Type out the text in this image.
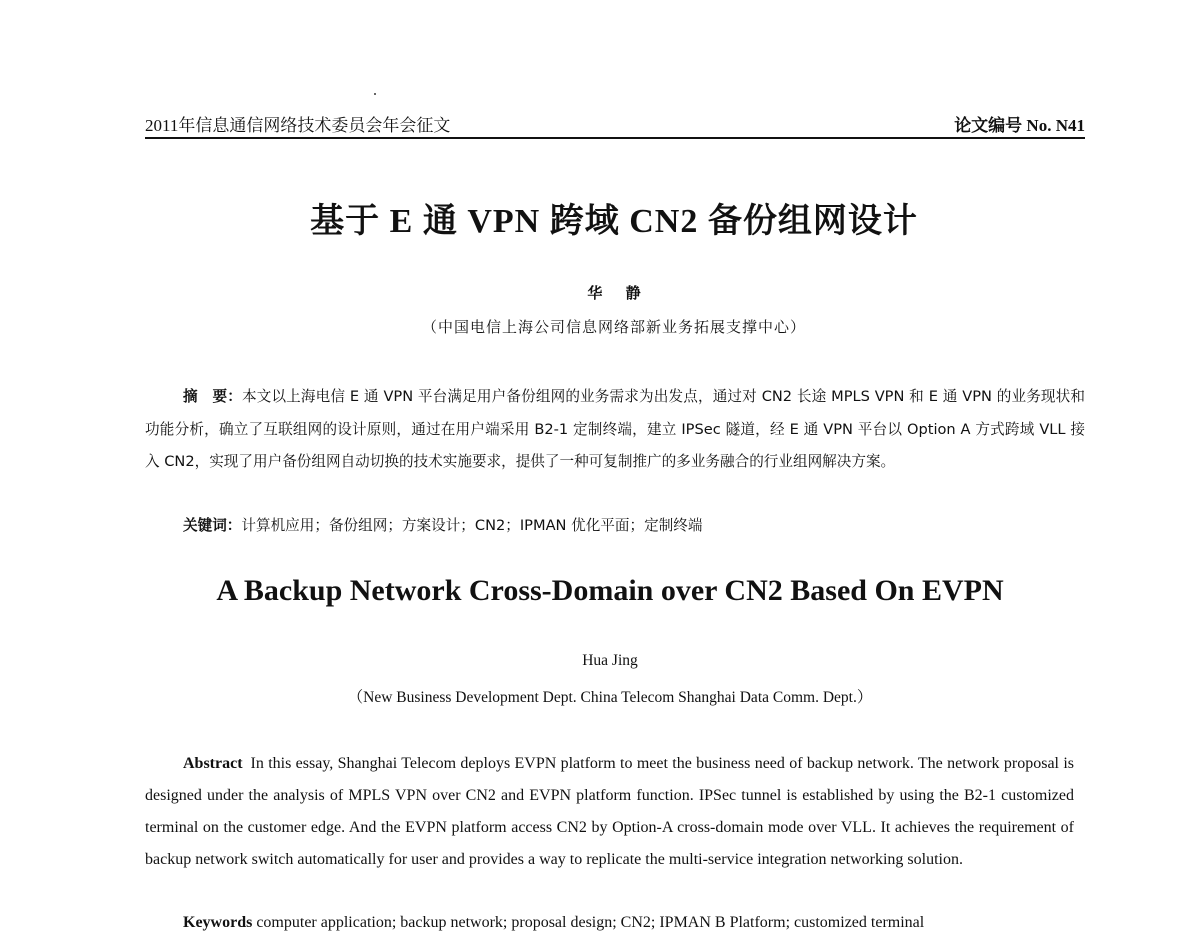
2011年信息通信网络技术委员会年会征文	论文编号 No. N41
基于 E 通 VPN 跨域 CN2 备份组网设计
华 静
（中国电信上海公司信息网络部新业务拓展支撑中心）
摘　要：本文以上海电信 E 通 VPN 平台满足用户备份组网的业务需求为出发点，通过对 CN2 长途 MPLS VPN 和 E 通 VPN 的业务现状和功能分析，确立了互联组网的设计原则，通过在用户端采用 B2-1 定制终端，建立 IPSec 隧道，经 E 通 VPN 平台以 Option A 方式跨域 VLL 接入 CN2，实现了用户备份组网自动切换的技术实施要求，提供了一种可复制推广的多业务融合的行业组网解决方案。
关键词：计算机应用；备份组网；方案设计；CN2；IPMAN 优化平面；定制终端
A Backup Network Cross-Domain over CN2 Based On EVPN
Hua Jing
（New Business Development Dept. China Telecom Shanghai Data Comm. Dept.）
Abstract In this essay, Shanghai Telecom deploys EVPN platform to meet the business need of backup network. The network proposal is designed under the analysis of MPLS VPN over CN2 and EVPN platform function. IPSec tunnel is established by using the B2-1 customized terminal on the customer edge. And the EVPN platform access CN2 by Option-A cross-domain mode over VLL. It achieves the requirement of backup network switch automatically for user and provides a way to replicate the multi-service integration networking solution.
Keywords computer application; backup network; proposal design; CN2; IPMAN B Platform; customized terminal
